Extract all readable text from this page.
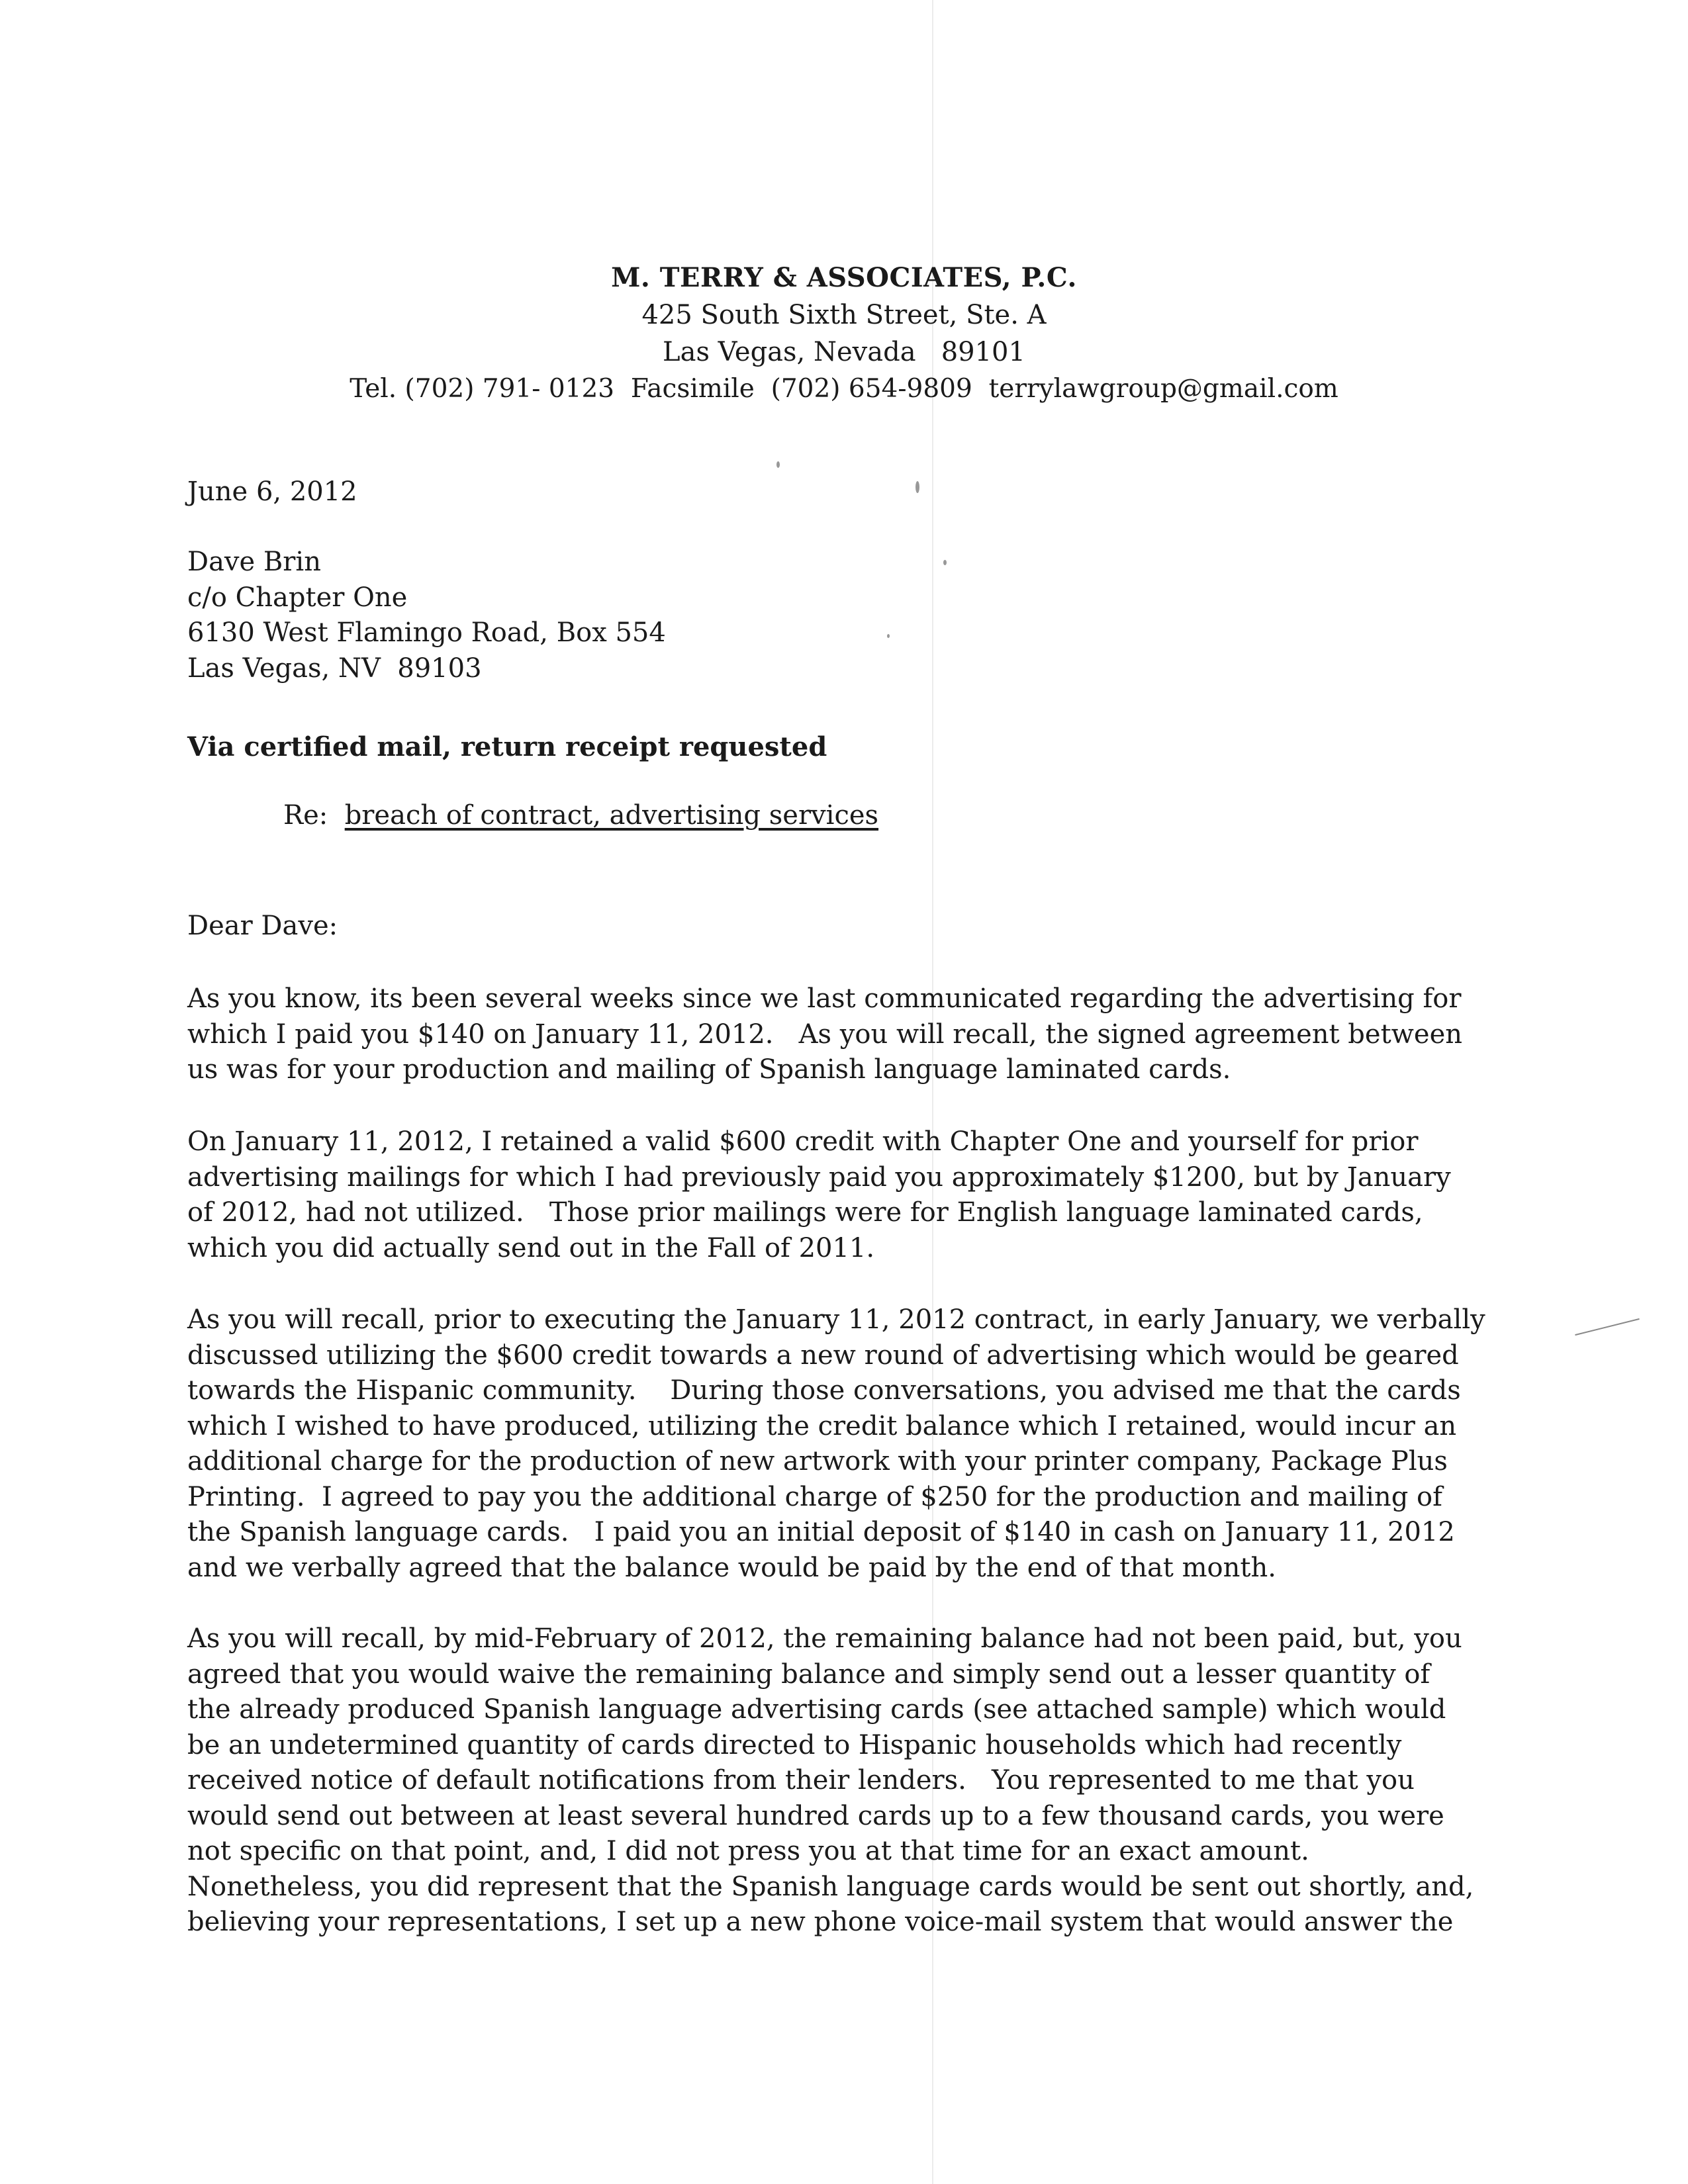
M. TERRY & ASSOCIATES, P.C.
425 South Sixth Street, Ste. A
Las Vegas, Nevada   89101
Tel. (702) 791- 0123  Facsimile  (702) 654-9809  terrylawgroup@gmail.com
June 6, 2012
Dave Brin
c/o Chapter One
6130 West Flamingo Road, Box 554
Las Vegas, NV  89103
Via certified mail, return receipt requested
Re: breach of contract, advertising services
Dear Dave:
As you know, its been several weeks since we last communicated regarding the advertising for
which I paid you $140 on January 11, 2012.   As you will recall, the signed agreement between
us was for your production and mailing of Spanish language laminated cards.
On January 11, 2012, I retained a valid $600 credit with Chapter One and yourself for prior
advertising mailings for which I had previously paid you approximately $1200, but by January
of 2012, had not utilized.   Those prior mailings were for English language laminated cards,
which you did actually send out in the Fall of 2011.
As you will recall, prior to executing the January 11, 2012 contract, in early January, we verbally
discussed utilizing the $600 credit towards a new round of advertising which would be geared
towards the Hispanic community.    During those conversations, you advised me that the cards
which I wished to have produced, utilizing the credit balance which I retained, would incur an
additional charge for the production of new artwork with your printer company, Package Plus
Printing.  I agreed to pay you the additional charge of $250 for the production and mailing of
the Spanish language cards.   I paid you an initial deposit of $140 in cash on January 11, 2012
and we verbally agreed that the balance would be paid by the end of that month.
As you will recall, by mid-February of 2012, the remaining balance had not been paid, but, you
agreed that you would waive the remaining balance and simply send out a lesser quantity of
the already produced Spanish language advertising cards (see attached sample) which would
be an undetermined quantity of cards directed to Hispanic households which had recently
received notice of default notifications from their lenders.   You represented to me that you
would send out between at least several hundred cards up to a few thousand cards, you were
not specific on that point, and, I did not press you at that time for an exact amount.
Nonetheless, you did represent that the Spanish language cards would be sent out shortly, and,
believing your representations, I set up a new phone voice-mail system that would answer the
